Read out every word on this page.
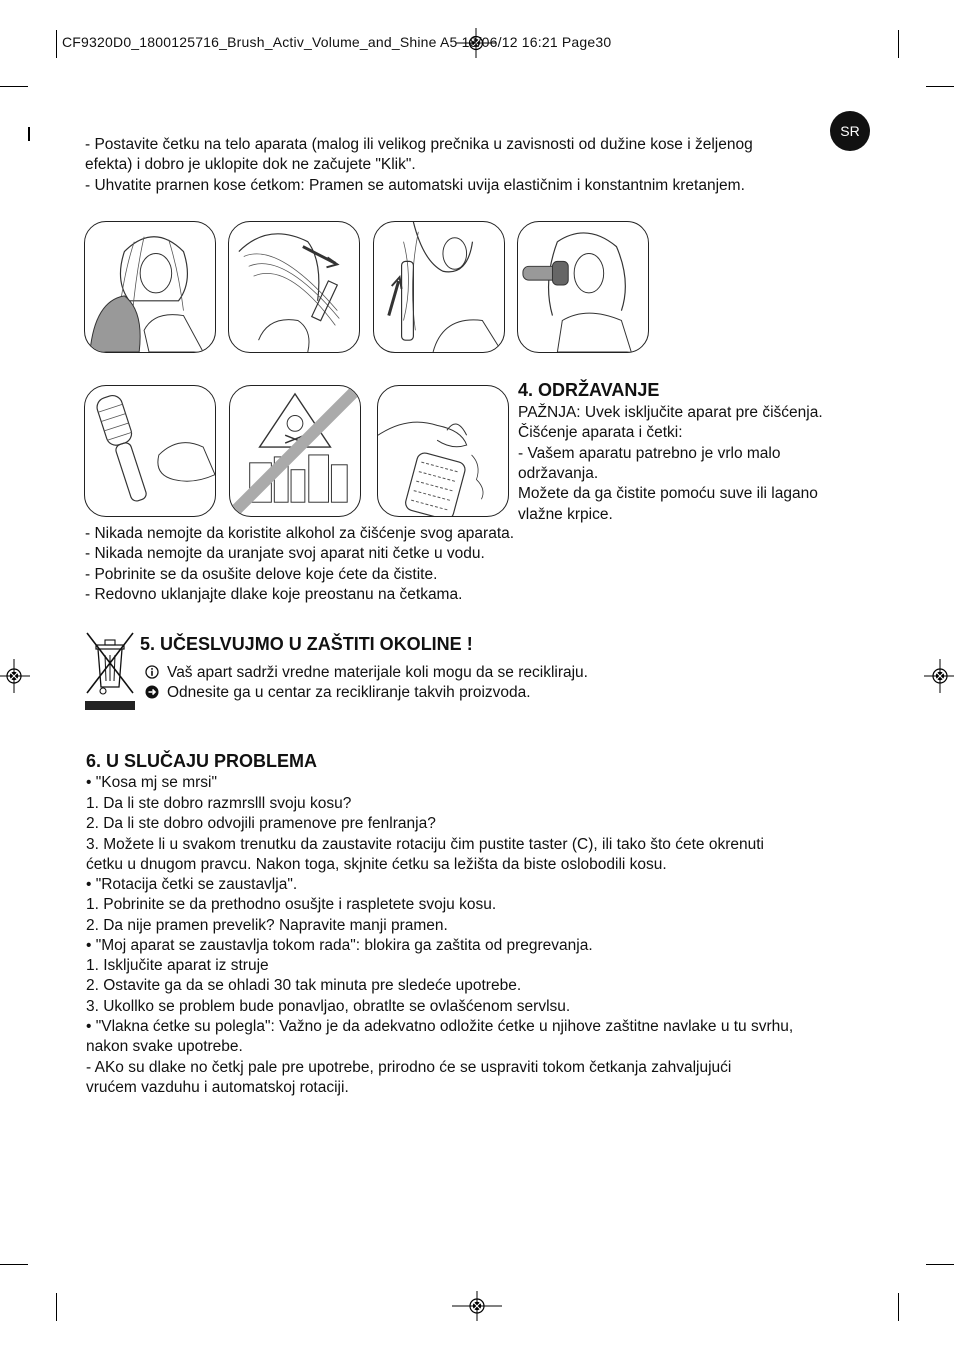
CF9320D0_1800125716_Brush_Activ_Volume_and_Shine A5 18/06/12 16:21 Page30
SR
- Postavite četku na telo aparata (malog ili velikog prečnika u zavisnosti od dužine kose i željenog
efekta) i dobro je uklopite dok ne začujete "Klik".
- Uhvatite prarnen kose ćetkom: Pramen se automatski uvija elastičnim i konstantnim kretanjem.
4. ODRŽAVANJE
PAŽNJA: Uvek isključite aparat pre čišćenja.
Čišćenje aparata i četki:
- Vašem aparatu patrebno je vrlo malo
održavanja.
Možete da ga čistite pomoću suve ili lagano
vlažne krpice.
- Nikada nemojte da koristite alkohol za čišćenje svog aparata.
- Nikada nemojte da uranjate svoj aparat niti četke u vodu.
- Pobrinite se da osušite delove koje ćete da čistite.
- Redovno uklanjajte dlake koje preostanu na četkama.
5. UČESLVUJMO U ZAŠTITI OKOLINE !
Vaš apart sadrži vredne materijale koli mogu da se recikliraju.
Odnesite ga u centar za recikliranje takvih proizvoda.
6. U SLUČAJU PROBLEMA
• "Kosa mj se mrsi"
1. Da li ste dobro razmrslll svoju kosu?
2. Da li ste dobro odvojili pramenove pre fenlranja?
3. Možete li u svakom trenutku da zaustavite rotaciju čim pustite taster (C), ili tako što ćete okrenuti
ćetku u dnugom pravcu. Nakon toga, skjnite ćetku sa ležišta da biste oslobodili kosu.
• "Rotacija četki se zaustavlja".
1. Pobrinite se da prethodno osušjte i raspletete svoju kosu.
2. Da nije pramen prevelik? Napravite manji pramen.
• "Moj aparat se zaustavlja tokom rada": blokira ga zaštita od pregrevanja.
1. Isključite aparat iz struje
2. Ostavite ga da se ohladi 30 tak minuta pre sledeće upotrebe.
3. Ukollko se problem bude ponavljao, obratlte se ovlašćenom servlsu.
• "Vlakna ćetke su polegla": Važno je da adekvatno odložite ćetke u njihove zaštitne navlake u tu svrhu,
nakon svake upotrebe.
- AKo su dlake no četkj pale pre upotrebe, prirodno će se uspraviti tokom četkanja zahvaljujući
vrućem vazduhu i automatskoj rotaciji.
